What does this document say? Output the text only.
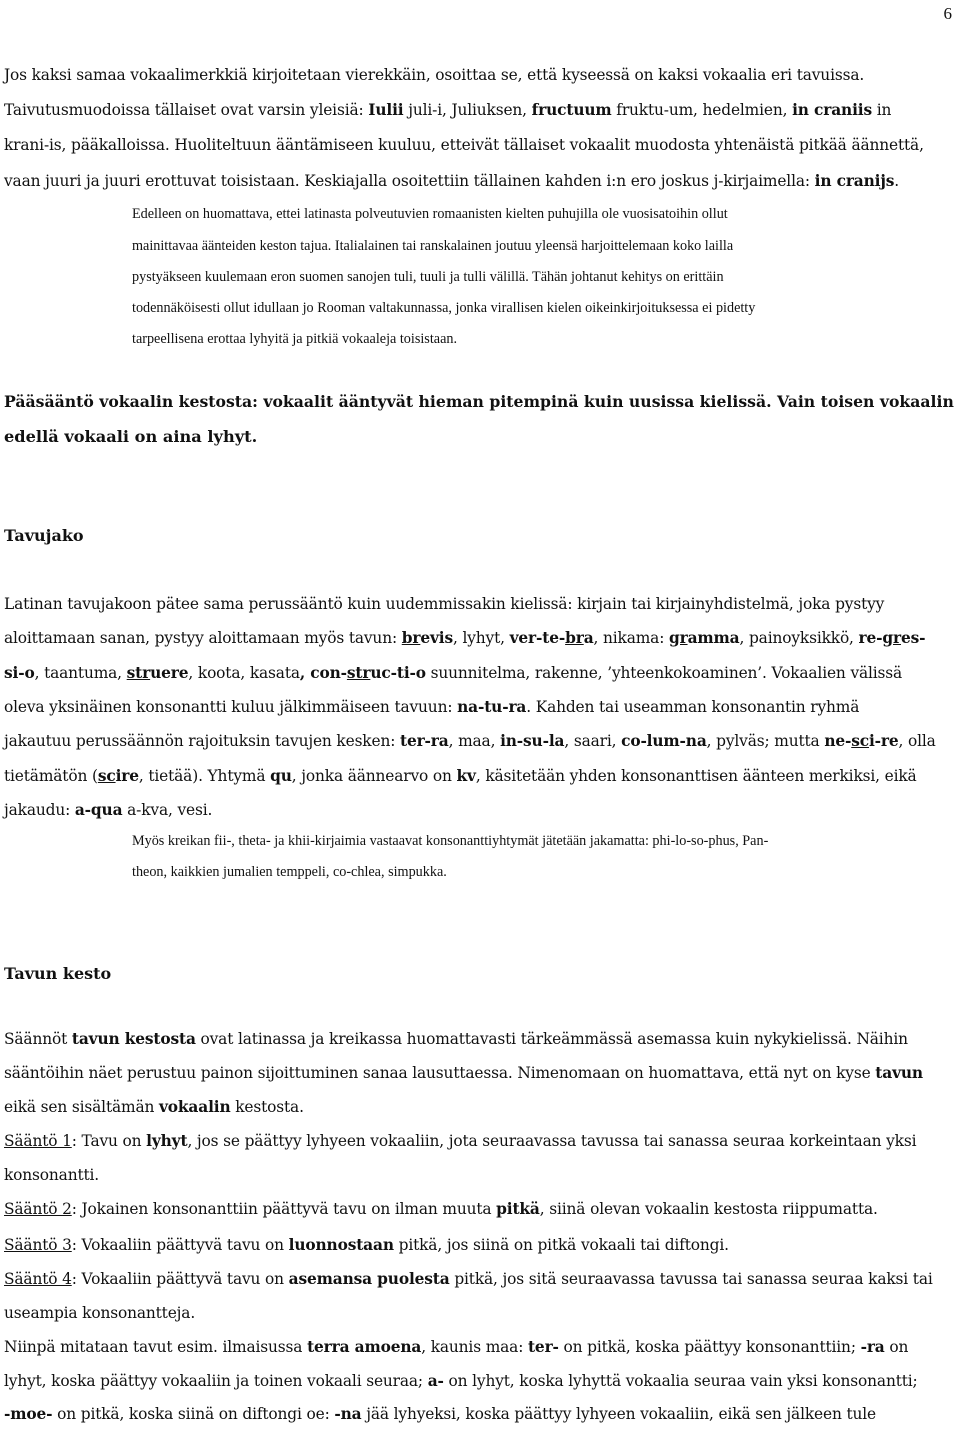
6
Jos kaksi samaa vokaalimerkkiä kirjoitetaan vierekkäin, osoittaa se, että kyseessä on kaksi vokaalia eri tavuissa.
Taivutusmuodoissa tällaiset ovat varsin yleisiä: Iulii juli-i, Juliuksen, fructuum fruktu-um, hedelmien, in craniis in
krani-is, pääkalloissa. Huoliteltuun ääntämiseen kuuluu, etteivät tällaiset vokaalit muodosta yhtenäistä pitkää äännettä,
vaan juuri ja juuri erottuvat toisistaan. Keskiajalla osoitettiin tällainen kahden i:n ero joskus j-kirjaimella: in cranijs.
Edelleen on huomattava, ettei latinasta polveutuvien romaanisten kielten puhujilla ole vuosisatoihin ollut
mainittavaa äänteiden keston tajua. Italialainen tai ranskalainen joutuu yleensä harjoittelemaan koko lailla
pystyäkseen kuulemaan eron suomen sanojen tuli, tuuli ja tulli välillä. Tähän johtanut kehitys on erittäin
todennäköisesti ollut idullaan jo Rooman valtakunnassa, jonka virallisen kielen oikeinkirjoituksessa ei pidetty
tarpeellisena erottaa lyhyitä ja pitkiä vokaaleja toisistaan.
Pääsääntö vokaalin kestosta: vokaalit ääntyvät hieman pitempinä kuin uusissa kielissä. Vain toisen vokaalin
edellä vokaali on aina lyhyt.
Tavujako
Latinan tavujakoon pätee sama perussääntö kuin uudemmissakin kielissä: kirjain tai kirjainyhdistelmä, joka pystyy
aloittamaan sanan, pystyy aloittamaan myös tavun: brevis, lyhyt, ver-te-bra, nikama: gramma, painoyksikkö, re-gres-
si-o, taantuma, struere, koota, kasata, con-struc-ti-o suunnitelma, rakenne, ’yhteenkokoaminen’. Vokaalien välissä
oleva yksinäinen konsonantti kuluu jälkimmäiseen tavuun: na-tu-ra. Kahden tai useamman konsonantin ryhmä
jakautuu perussäännön rajoituksin tavujen kesken: ter-ra, maa, in-su-la, saari, co-lum-na, pylväs; mutta ne-sci-re, olla
tietämätön (scire, tietää). Yhtymä qu, jonka äännearvo on kv, käsitetään yhden konsonanttisen äänteen merkiksi, eikä
jakaudu: a-qua a-kva, vesi.
Myös kreikan fii-, theta- ja khii-kirjaimia vastaavat konsonanttiyhtymät jätetään jakamatta: phi-lo-so-phus, Pan-
theon, kaikkien jumalien temppeli, co-chlea, simpukka.
Tavun kesto
Säännöt tavun kestosta ovat latinassa ja kreikassa huomattavasti tärkeämmässä asemassa kuin nykykielissä. Näihin
sääntöihin näet perustuu painon sijoittuminen sanaa lausuttaessa. Nimenomaan on huomattava, että nyt on kyse tavun
eikä sen sisältämän vokaalin kestosta.
Sääntö 1: Tavu on lyhyt, jos se päättyy lyhyeen vokaaliin, jota seuraavassa tavussa tai sanassa seuraa korkeintaan yksi
konsonantti.
Sääntö 2: Jokainen konsonanttiin päättyvä tavu on ilman muuta pitkä, siinä olevan vokaalin kestosta riippumatta.
Sääntö 3: Vokaaliin päättyvä tavu on luonnostaan pitkä, jos siinä on pitkä vokaali tai diftongi.
Sääntö 4: Vokaaliin päättyvä tavu on asemansa puolesta pitkä, jos sitä seuraavassa tavussa tai sanassa seuraa kaksi tai
useampia konsonantteja.
Niinpä mitataan tavut esim. ilmaisussa terra amoena, kaunis maa: ter- on pitkä, koska päättyy konsonanttiin; -ra on
lyhyt, koska päättyy vokaaliin ja toinen vokaali seuraa; a- on lyhyt, koska lyhyttä vokaalia seuraa vain yksi konsonantti;
-moe- on pitkä, koska siinä on diftongi oe: -na jää lyhyeksi, koska päättyy lyhyeen vokaaliin, eikä sen jälkeen tule
